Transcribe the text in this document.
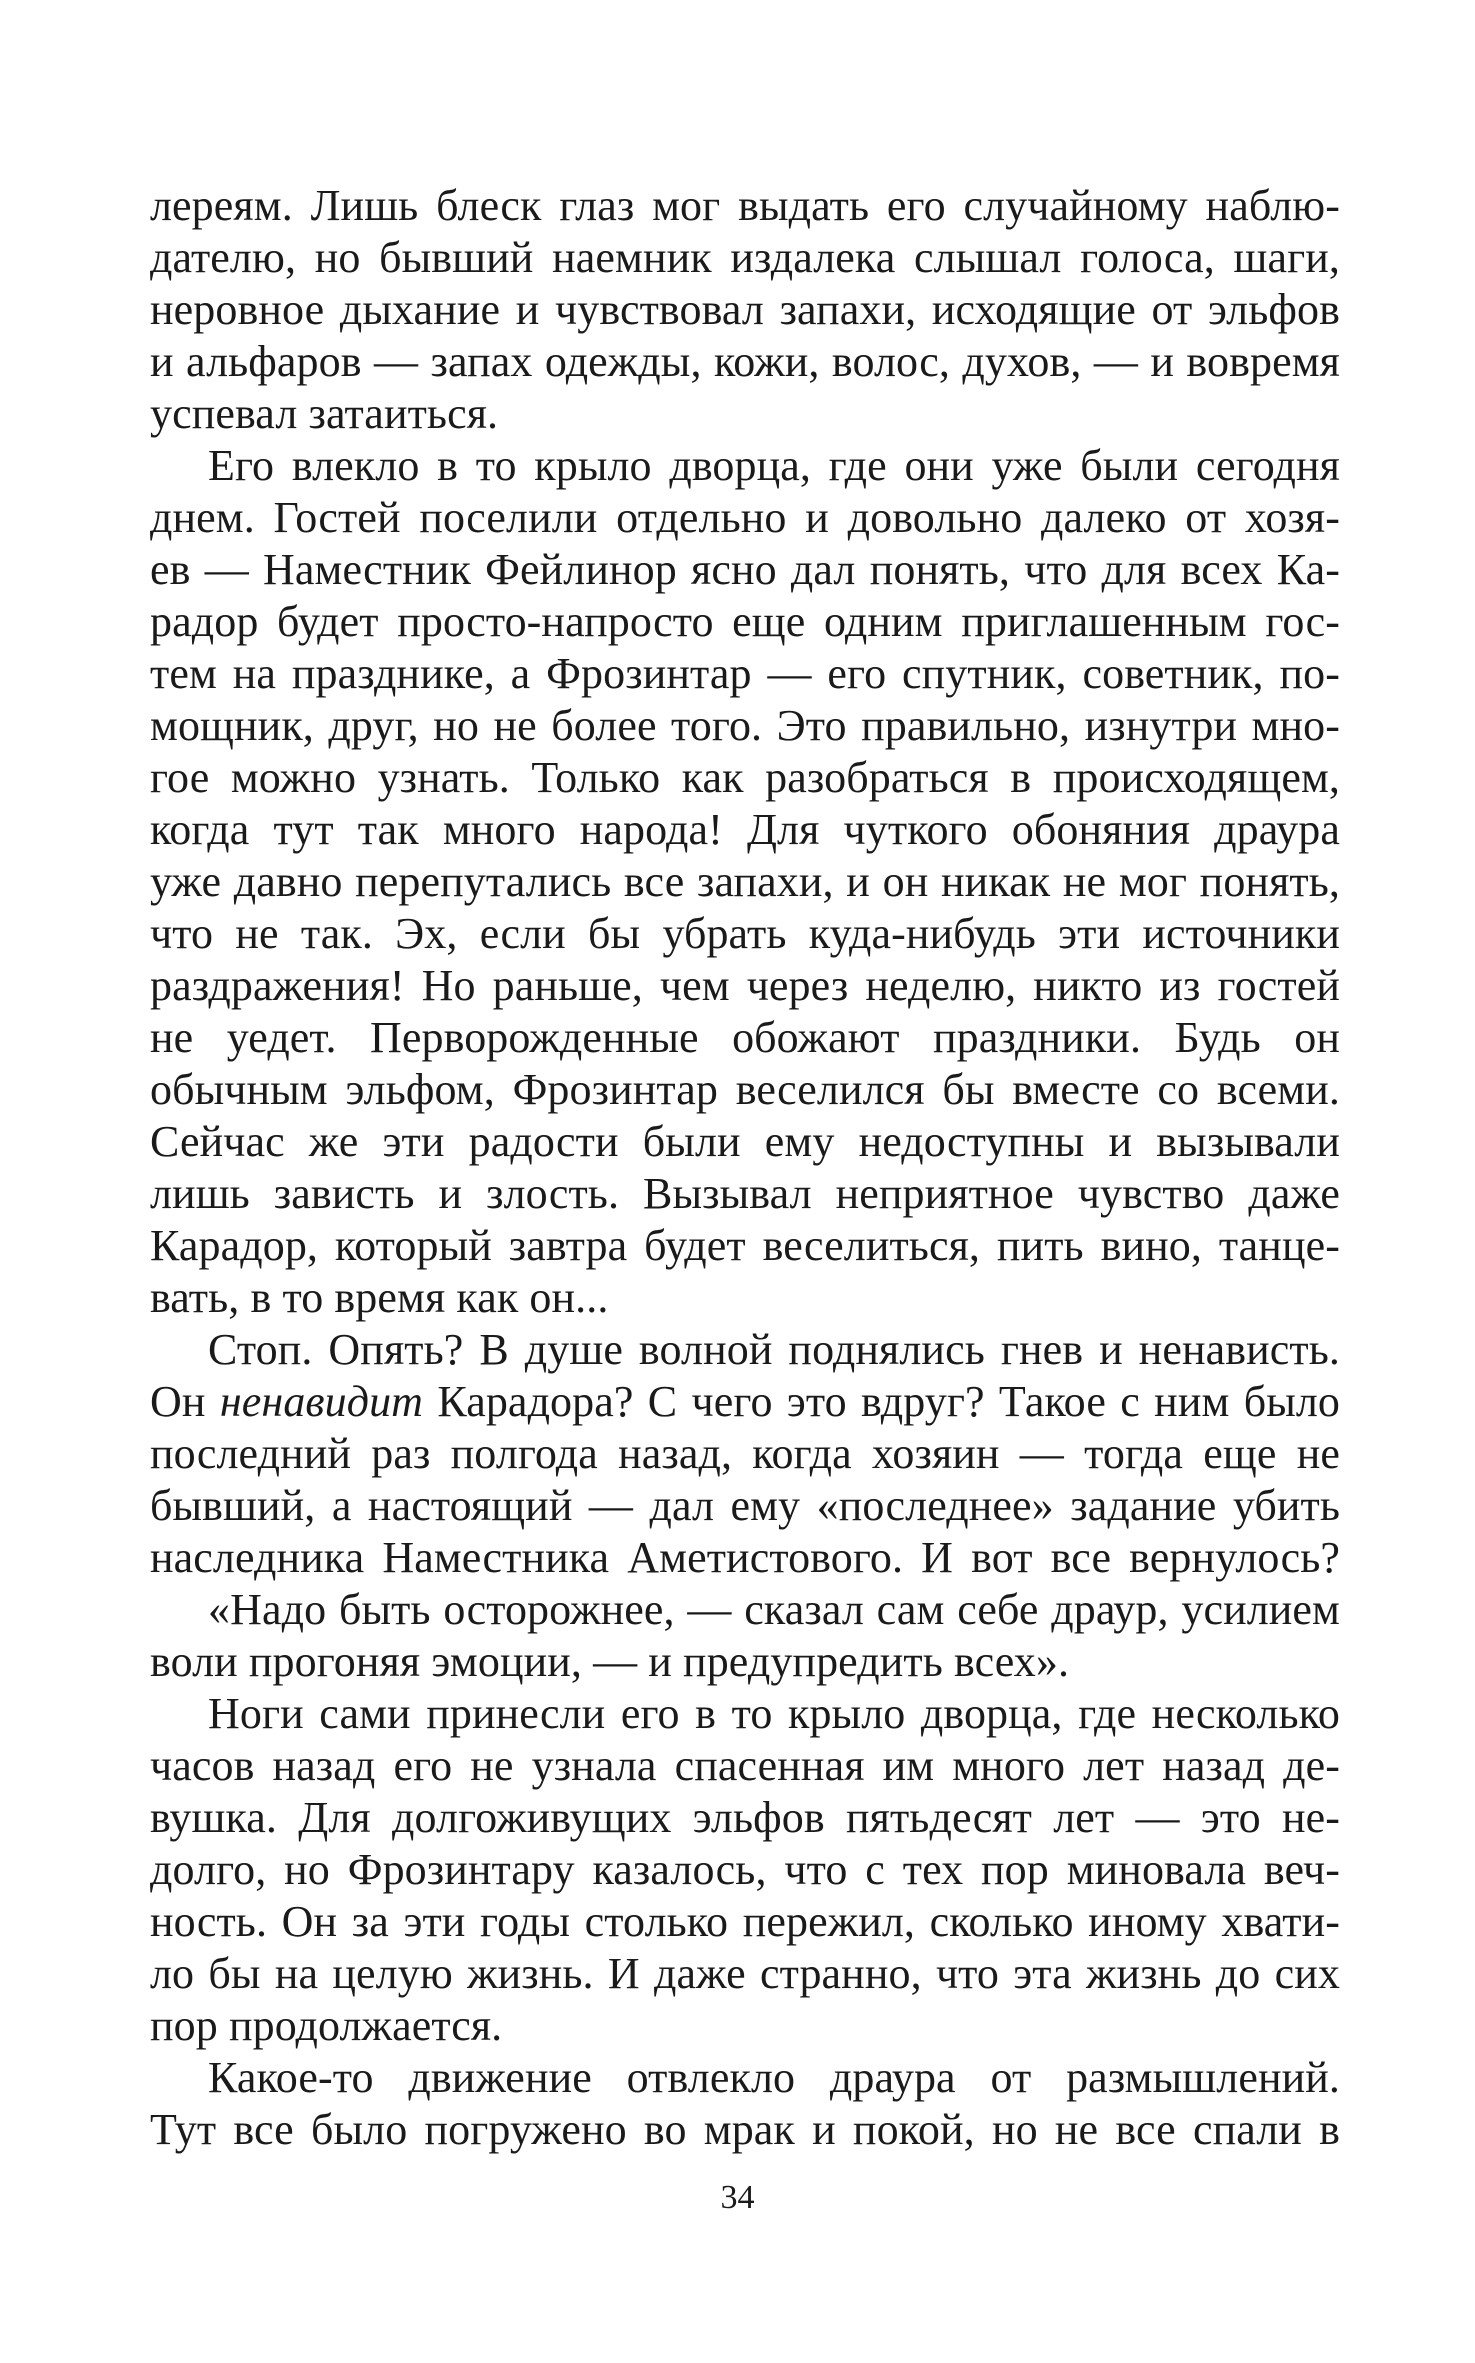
лереям. Лишь блеск глаз мог выдать его случайному наблю-
дателю, но бывший наемник издалека слышал голоса, шаги,
неровное дыхание и чувствовал запахи, исходящие от эльфов
и альфаров — запах одежды, кожи, волос, духов, — и вовремя
успевал затаиться.
Его влекло в то крыло дворца, где они уже были сегодня
днем. Гостей поселили отдельно и довольно далеко от хозя-
ев — Наместник Фейлинор ясно дал понять, что для всех Ка-
радор будет просто-напросто еще одним приглашенным гос-
тем на празднике, а Фрозинтар — его спутник, советник, по-
мощник, друг, но не более того. Это правильно, изнутри мно-
гое можно узнать. Только как разобраться в происходящем,
когда тут так много народа! Для чуткого обоняния драура
уже давно перепутались все запахи, и он никак не мог понять,
что не так. Эх, если бы убрать куда-нибудь эти источники
раздражения! Но раньше, чем через неделю, никто из гостей
не уедет. Перворожденные обожают праздники. Будь он
обычным эльфом, Фрозинтар веселился бы вместе со всеми.
Сейчас же эти радости были ему недоступны и вызывали
лишь зависть и злость. Вызывал неприятное чувство даже
Карадор, который завтра будет веселиться, пить вино, танце-
вать, в то время как он...
Стоп. Опять? В душе волной поднялись гнев и ненависть.
Он ненавидит Карадора? С чего это вдруг? Такое с ним было
последний раз полгода назад, когда хозяин — тогда еще не
бывший, а настоящий — дал ему «последнее» задание убить
наследника Наместника Аметистового. И вот все вернулось?
«Надо быть осторожнее, — сказал сам себе драур, усилием
воли прогоняя эмоции, — и предупредить всех».
Ноги сами принесли его в то крыло дворца, где несколько
часов назад его не узнала спасенная им много лет назад де-
вушка. Для долгоживущих эльфов пятьдесят лет — это не-
долго, но Фрозинтару казалось, что с тех пор миновала веч-
ность. Он за эти годы столько пережил, сколько иному хвати-
ло бы на целую жизнь. И даже странно, что эта жизнь до сих
пор продолжается.
Какое-то движение отвлекло драура от размышлений.
Тут все было погружено во мрак и покой, но не все спали в
34
